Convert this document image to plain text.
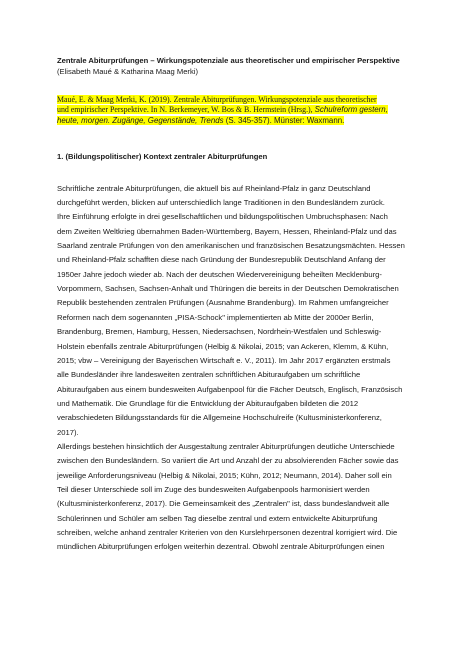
Zentrale Abiturprüfungen – Wirkungspotenziale aus theoretischer und empirischer Perspektive
(Elisabeth Maué & Katharina Maag Merki)
Maué, E. & Maag Merki, K. (2019). Zentrale Abiturprüfungen. Wirkungspotenziale aus theoretischer
und empirischer Perspektive. In N. Berkemeyer, W. Bos & B. Hermstein (Hrsg.), Schulreform gestern,
heute, morgen. Zugänge, Gegenstände, Trends (S. 345-357). Münster: Waxmann.
1. (Bildungspolitischer) Kontext zentraler Abiturprüfungen
Schriftliche zentrale Abiturprüfungen, die aktuell bis auf Rheinland-Pfalz in ganz Deutschland
durchgeführt werden, blicken auf unterschiedlich lange Traditionen in den Bundesländern zurück.
Ihre Einführung erfolgte in drei gesellschaftlichen und bildungspolitischen Umbruchsphasen: Nach
dem Zweiten Weltkrieg übernahmen Baden-Württemberg, Bayern, Hessen, Rheinland-Pfalz und das
Saarland zentrale Prüfungen von den amerikanischen und französischen Besatzungsmächten. Hessen
und Rheinland-Pfalz schafften diese nach Gründung der Bundesrepublik Deutschland Anfang der
1950er Jahre jedoch wieder ab. Nach der deutschen Wiedervereinigung beheilten Mecklenburg-
Vorpommern, Sachsen, Sachsen-Anhalt und Thüringen die bereits in der Deutschen Demokratischen
Republik bestehenden zentralen Prüfungen (Ausnahme Brandenburg). Im Rahmen umfangreicher
Reformen nach dem sogenannten „PISA-Schock" implementierten ab Mitte der 2000er Berlin,
Brandenburg, Bremen, Hamburg, Hessen, Niedersachsen, Nordrhein-Westfalen und Schleswig-
Holstein ebenfalls zentrale Abiturprüfungen (Helbig & Nikolai, 2015; van Ackeren, Klemm, & Kühn,
2015; vbw – Vereinigung der Bayerischen Wirtschaft e. V., 2011). Im Jahr 2017 ergänzten erstmals
alle Bundesländer ihre landesweiten zentralen schriftlichen Abituraufgaben um schriftliche
Abituraufgaben aus einem bundesweiten Aufgabenpool für die Fächer Deutsch, Englisch, Französisch
und Mathematik. Die Grundlage für die Entwicklung der Abituraufgaben bildeten die 2012
verabschiedeten Bildungsstandards für die Allgemeine Hochschulreife (Kultusministerkonferenz,
2017).
Allerdings bestehen hinsichtlich der Ausgestaltung zentraler Abiturprüfungen deutliche Unterschiede
zwischen den Bundesländern. So variiert die Art und Anzahl der zu absolvierenden Fächer sowie das
jeweilige Anforderungsniveau (Helbig & Nikolai, 2015; Kühn, 2012; Neumann, 2014). Daher soll ein
Teil dieser Unterschiede soll im Zuge des bundesweiten Aufgabenpools harmonisiert werden
(Kultusministerkonferenz, 2017). Die Gemeinsamkeit des „Zentralen" ist, dass bundeslandweit alle
Schülerinnen und Schüler am selben Tag dieselbe zentral und extern entwickelte Abiturprüfung
schreiben, welche anhand zentraler Kriterien von den Kurslehrpersonen dezentral korrigiert wird. Die
mündlichen Abiturprüfungen erfolgen weiterhin dezentral. Obwohl zentrale Abiturprüfungen einen
